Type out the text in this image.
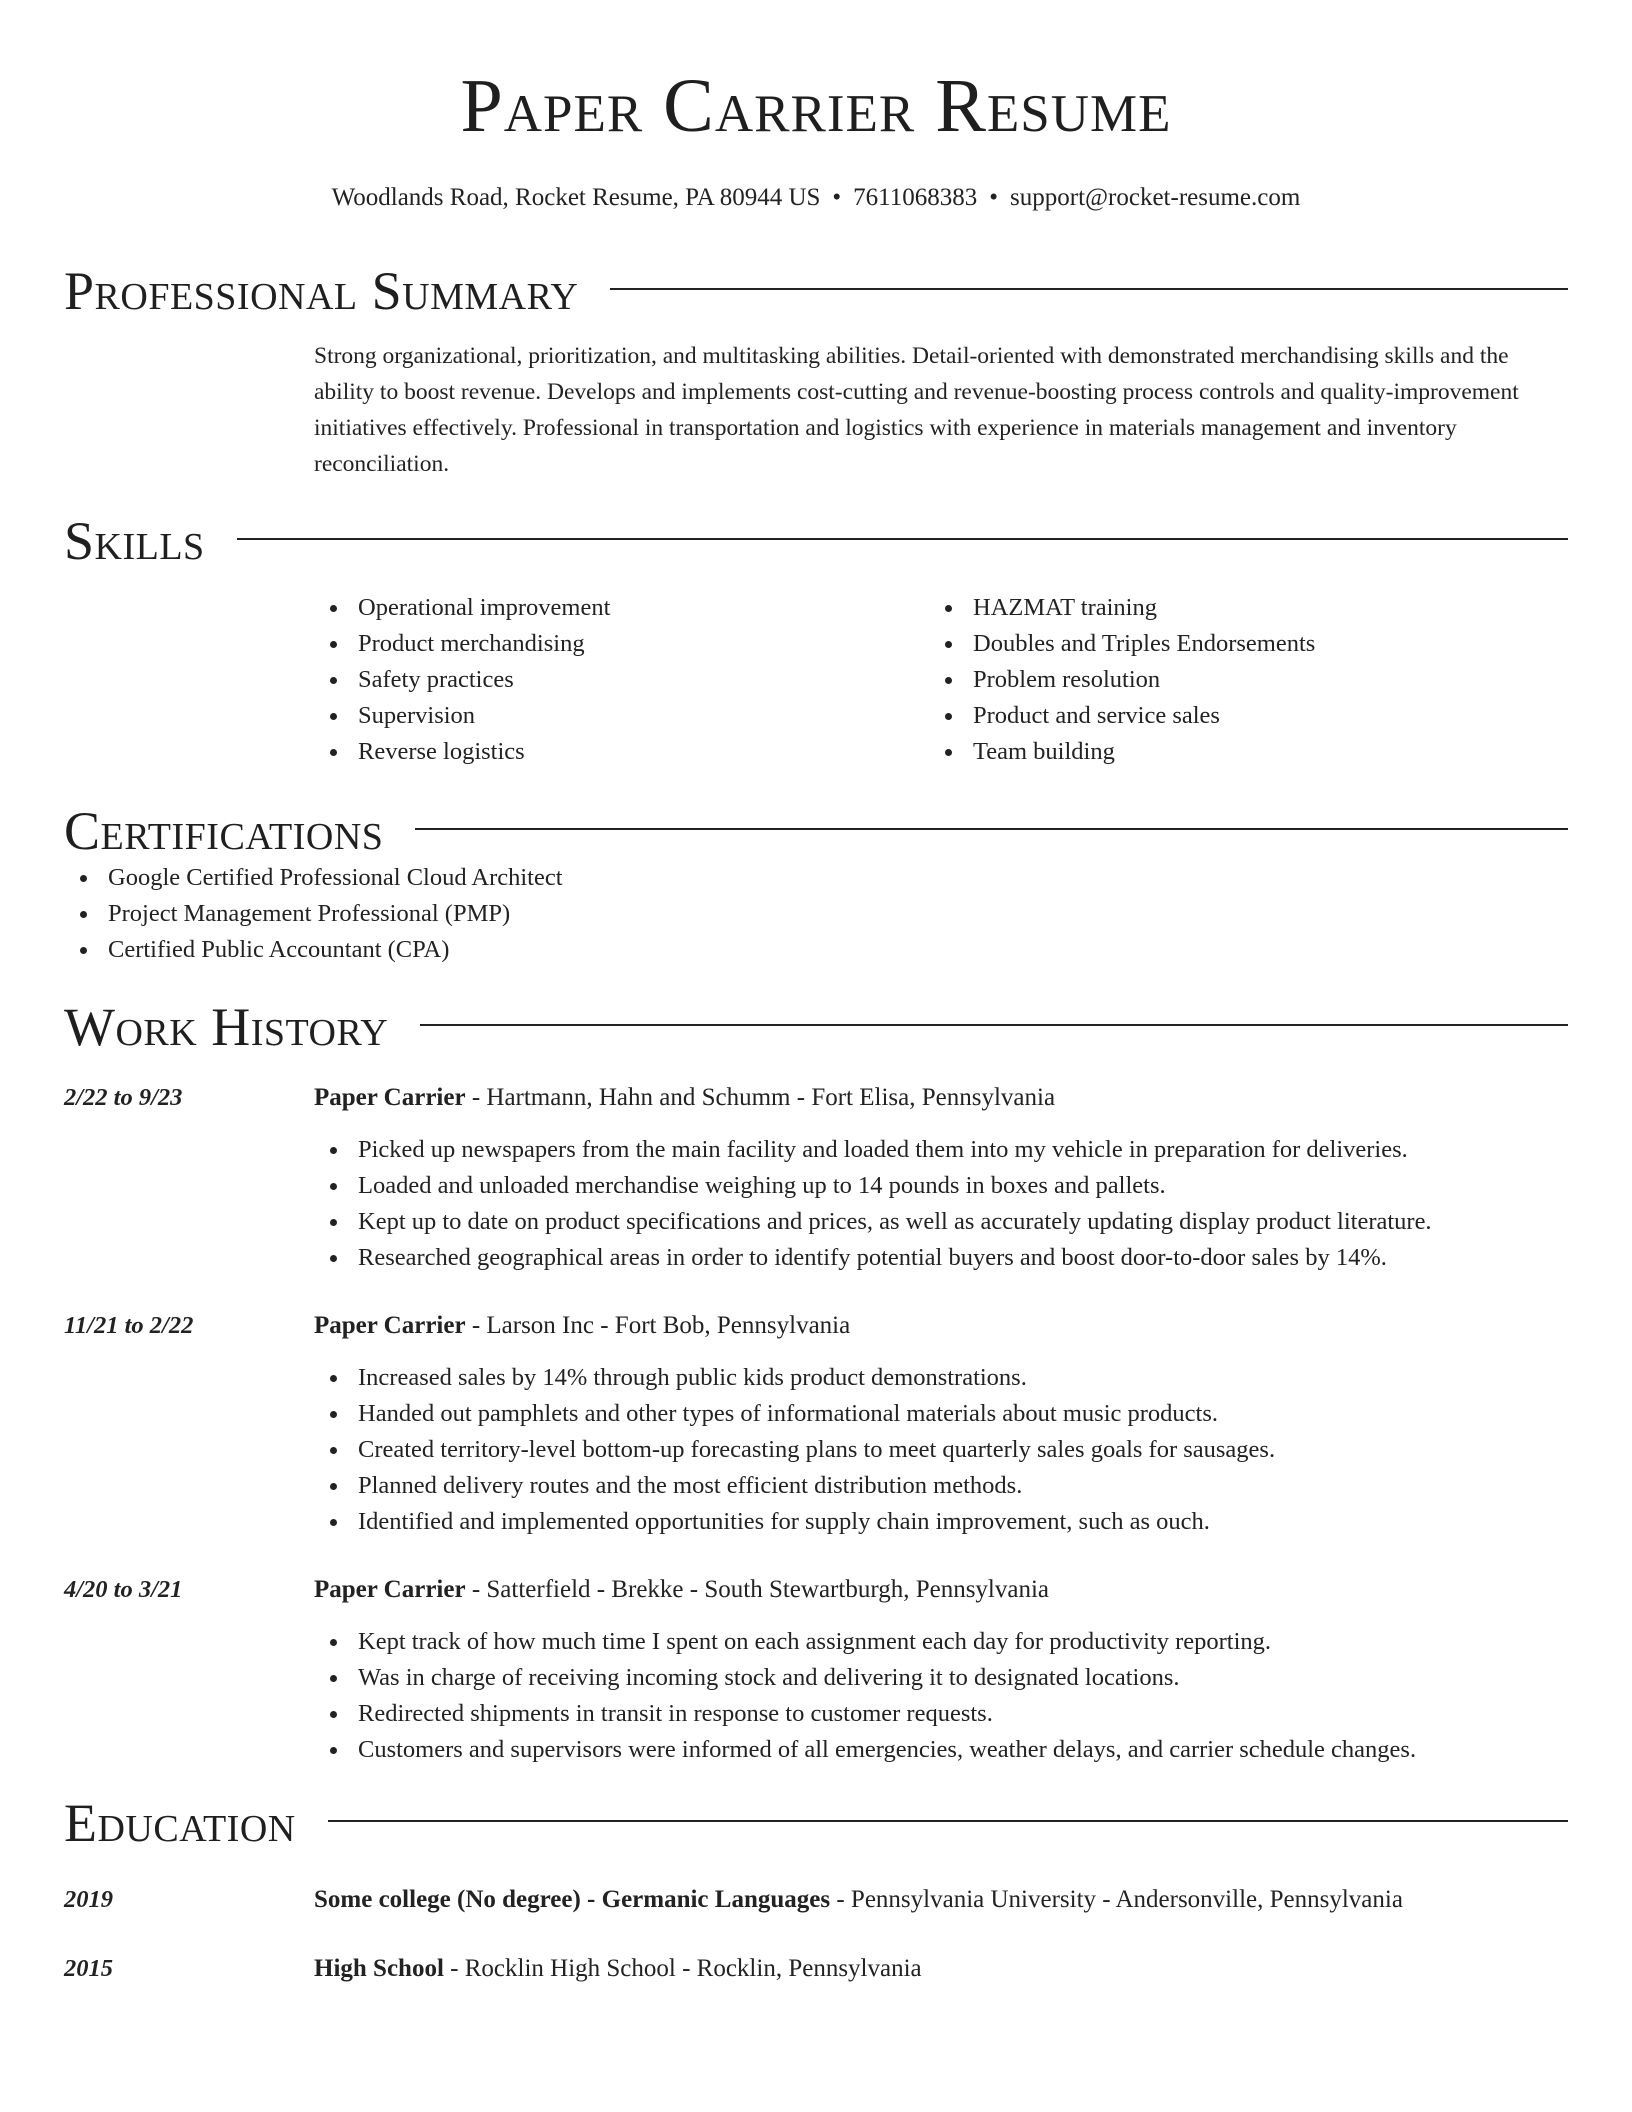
Paper Carrier Resume
Woodlands Road, Rocket Resume, PA 80944 US • 7611068383 • support@rocket-resume.com
Professional Summary

Strong organizational, prioritization, and multitasking abilities. Detail-oriented with demonstrated merchandising skills and the ability to boost revenue. Develops and implements cost-cutting and revenue-boosting process controls and quality-improvement initiatives effectively. Professional in transportation and logistics with experience in materials management and inventory reconciliation.

Skills
Operational improvement
Product merchandising
Safety practices
Supervision
Reverse logistics
HAZMAT training
Doubles and Triples Endorsements
Problem resolution
Product and service sales
Team building
Certifications
Google Certified Professional Cloud Architect
Project Management Professional (PMP)
Certified Public Accountant (CPA)
Work History
2/22 to 9/23	Paper Carrier - Hartmann, Hahn and Schumm - Fort Elisa, Pennsylvania
Picked up newspapers from the main facility and loaded them into my vehicle in preparation for deliveries.
Loaded and unloaded merchandise weighing up to 14 pounds in boxes and pallets.
Kept up to date on product specifications and prices, as well as accurately updating display product literature.
Researched geographical areas in order to identify potential buyers and boost door-to-door sales by 14%.
11/21 to 2/22	Paper Carrier - Larson Inc - Fort Bob, Pennsylvania
Increased sales by 14% through public kids product demonstrations.
Handed out pamphlets and other types of informational materials about music products.
Created territory-level bottom-up forecasting plans to meet quarterly sales goals for sausages.
Planned delivery routes and the most efficient distribution methods.
Identified and implemented opportunities for supply chain improvement, such as ouch.
4/20 to 3/21	Paper Carrier - Satterfield - Brekke - South Stewartburgh, Pennsylvania
Kept track of how much time I spent on each assignment each day for productivity reporting.
Was in charge of receiving incoming stock and delivering it to designated locations.
Redirected shipments in transit in response to customer requests.
Customers and supervisors were informed of all emergencies, weather delays, and carrier schedule changes.
Education
2019	Some college (No degree) - Germanic Languages - Pennsylvania University - Andersonville, Pennsylvania
2015	High School - Rocklin High School - Rocklin, Pennsylvania
